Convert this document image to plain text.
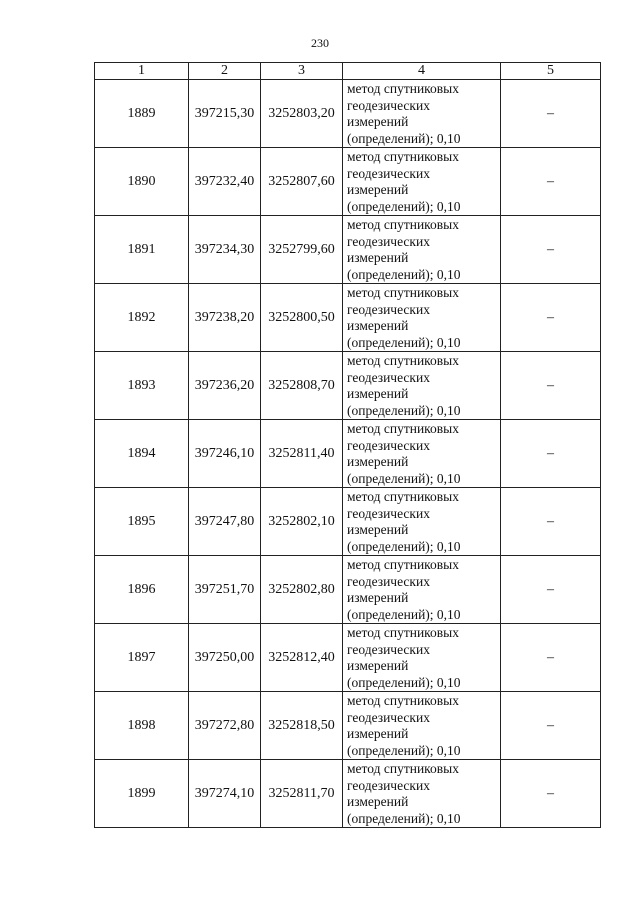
230
1	2	3	4	5
1889	397215,30	3252803,20	метод спутниковых
геодезических
измерений
(определений); 0,10	–
1890	397232,40	3252807,60	метод спутниковых
геодезических
измерений
(определений); 0,10	–
1891	397234,30	3252799,60	метод спутниковых
геодезических
измерений
(определений); 0,10	–
1892	397238,20	3252800,50	метод спутниковых
геодезических
измерений
(определений); 0,10	–
1893	397236,20	3252808,70	метод спутниковых
геодезических
измерений
(определений); 0,10	–
1894	397246,10	3252811,40	метод спутниковых
геодезических
измерений
(определений); 0,10	–
1895	397247,80	3252802,10	метод спутниковых
геодезических
измерений
(определений); 0,10	–
1896	397251,70	3252802,80	метод спутниковых
геодезических
измерений
(определений); 0,10	–
1897	397250,00	3252812,40	метод спутниковых
геодезических
измерений
(определений); 0,10	–
1898	397272,80	3252818,50	метод спутниковых
геодезических
измерений
(определений); 0,10	–
1899	397274,10	3252811,70	метод спутниковых
геодезических
измерений
(определений); 0,10	–
